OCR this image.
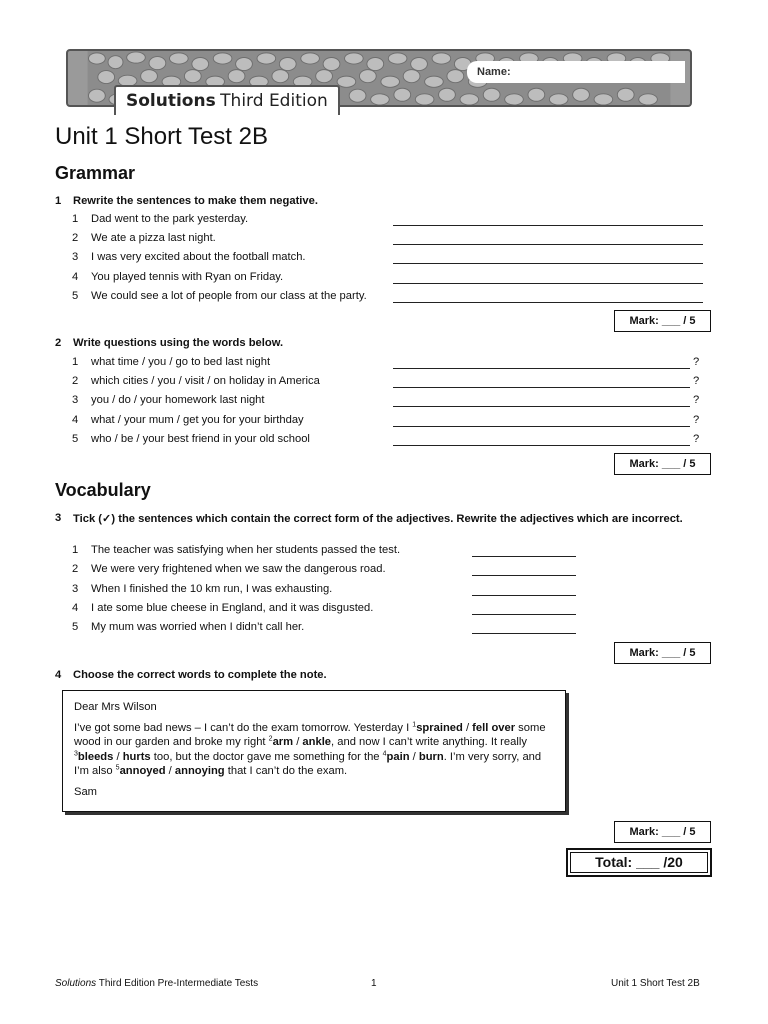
Solutions Third Edition
Name:
Unit 1 Short Test 2B
Grammar
1 Rewrite the sentences to make them negative.
1 Dad went to the park yesterday.
2 We ate a pizza last night.
3 I was very excited about the football match.
4 You played tennis with Ryan on Friday.
5 We could see a lot of people from our class at the party.
Mark: ___ / 5
2 Write questions using the words below.
1 what time / you / go to bed last night
2 which cities / you / visit / on holiday in America
3 you / do / your homework last night
4 what / your mum / get you for your birthday
5 who / be / your best friend in your old school
?
?
?
?
?
Mark: ___ / 5
Vocabulary
3 Tick (✓) the sentences which contain the correct form of the adjectives. Rewrite the adjectives which are incorrect.
1 The teacher was satisfying when her students passed the test.
2 We were very frightened when we saw the dangerous road.
3 When I finished the 10 km run, I was exhausting.
4 I ate some blue cheese in England, and it was disgusted.
5 My mum was worried when I didn’t call her.
Mark: ___ / 5
4 Choose the correct words to complete the note.

Dear Mrs Wilson

I’ve got some bad news – I can’t do the exam tomorrow. Yesterday I $^1$sprained / fell over some wood in our garden and broke my right $^2$arm / ankle, and now I can’t write anything. It really $^3$bleeds / hurts too, but the doctor gave me something for the $^4$pain / burn. I’m very sorry, and I’m also $^5$annoyed / annoying that I can’t do the exam.

Sam

Mark: ___ / 5
Total: ___ /20
Solutions Third Edition Pre-Intermediate Tests	1	Unit 1 Short Test 2B
